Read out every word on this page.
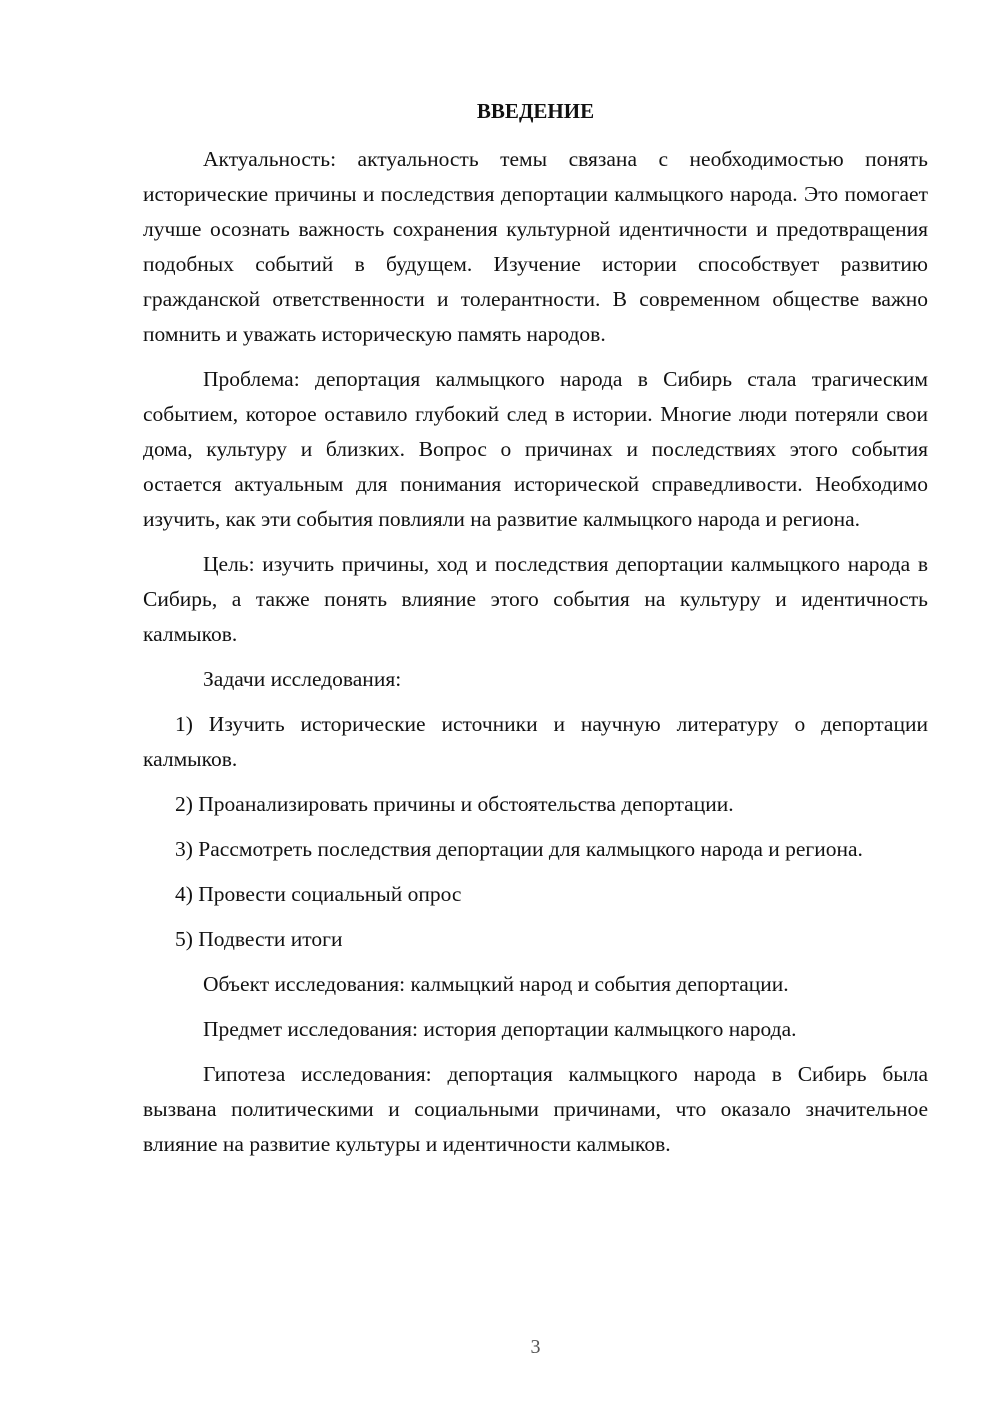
ВВЕДЕНИЕ

Актуальность: актуальность темы связана с необходимостью понять исторические причины и последствия депортации калмыцкого народа. Это помогает лучше осознать важность сохранения культурной идентичности и предотвращения подобных событий в будущем. Изучение истории способствует развитию гражданской ответственности и толерантности. В современном обществе важно помнить и уважать историческую память народов.

Проблема: депортация калмыцкого народа в Сибирь стала трагическим событием, которое оставило глубокий след в истории. Многие люди потеряли свои дома, культуру и близких. Вопрос о причинах и последствиях этого события остается актуальным для понимания исторической справедливости. Необходимо изучить, как эти события повлияли на развитие калмыцкого народа и региона.

Цель: изучить причины, ход и последствия депортации калмыцкого народа в Сибирь, а также понять влияние этого события на культуру и идентичность калмыков.

Задачи исследования:

1) Изучить исторические источники и научную литературу о депортации калмыков.

2) Проанализировать причины и обстоятельства депортации.

3) Рассмотреть последствия депортации для калмыцкого народа и региона.

4) Провести социальный опрос

5) Подвести итоги

Объект исследования: калмыцкий народ и события депортации.

Предмет исследования: история депортации калмыцкого народа.

Гипотеза исследования: депортация калмыцкого народа в Сибирь была вызвана политическими и социальными причинами, что оказало значительное влияние на развитие культуры и идентичности калмыков.

3
